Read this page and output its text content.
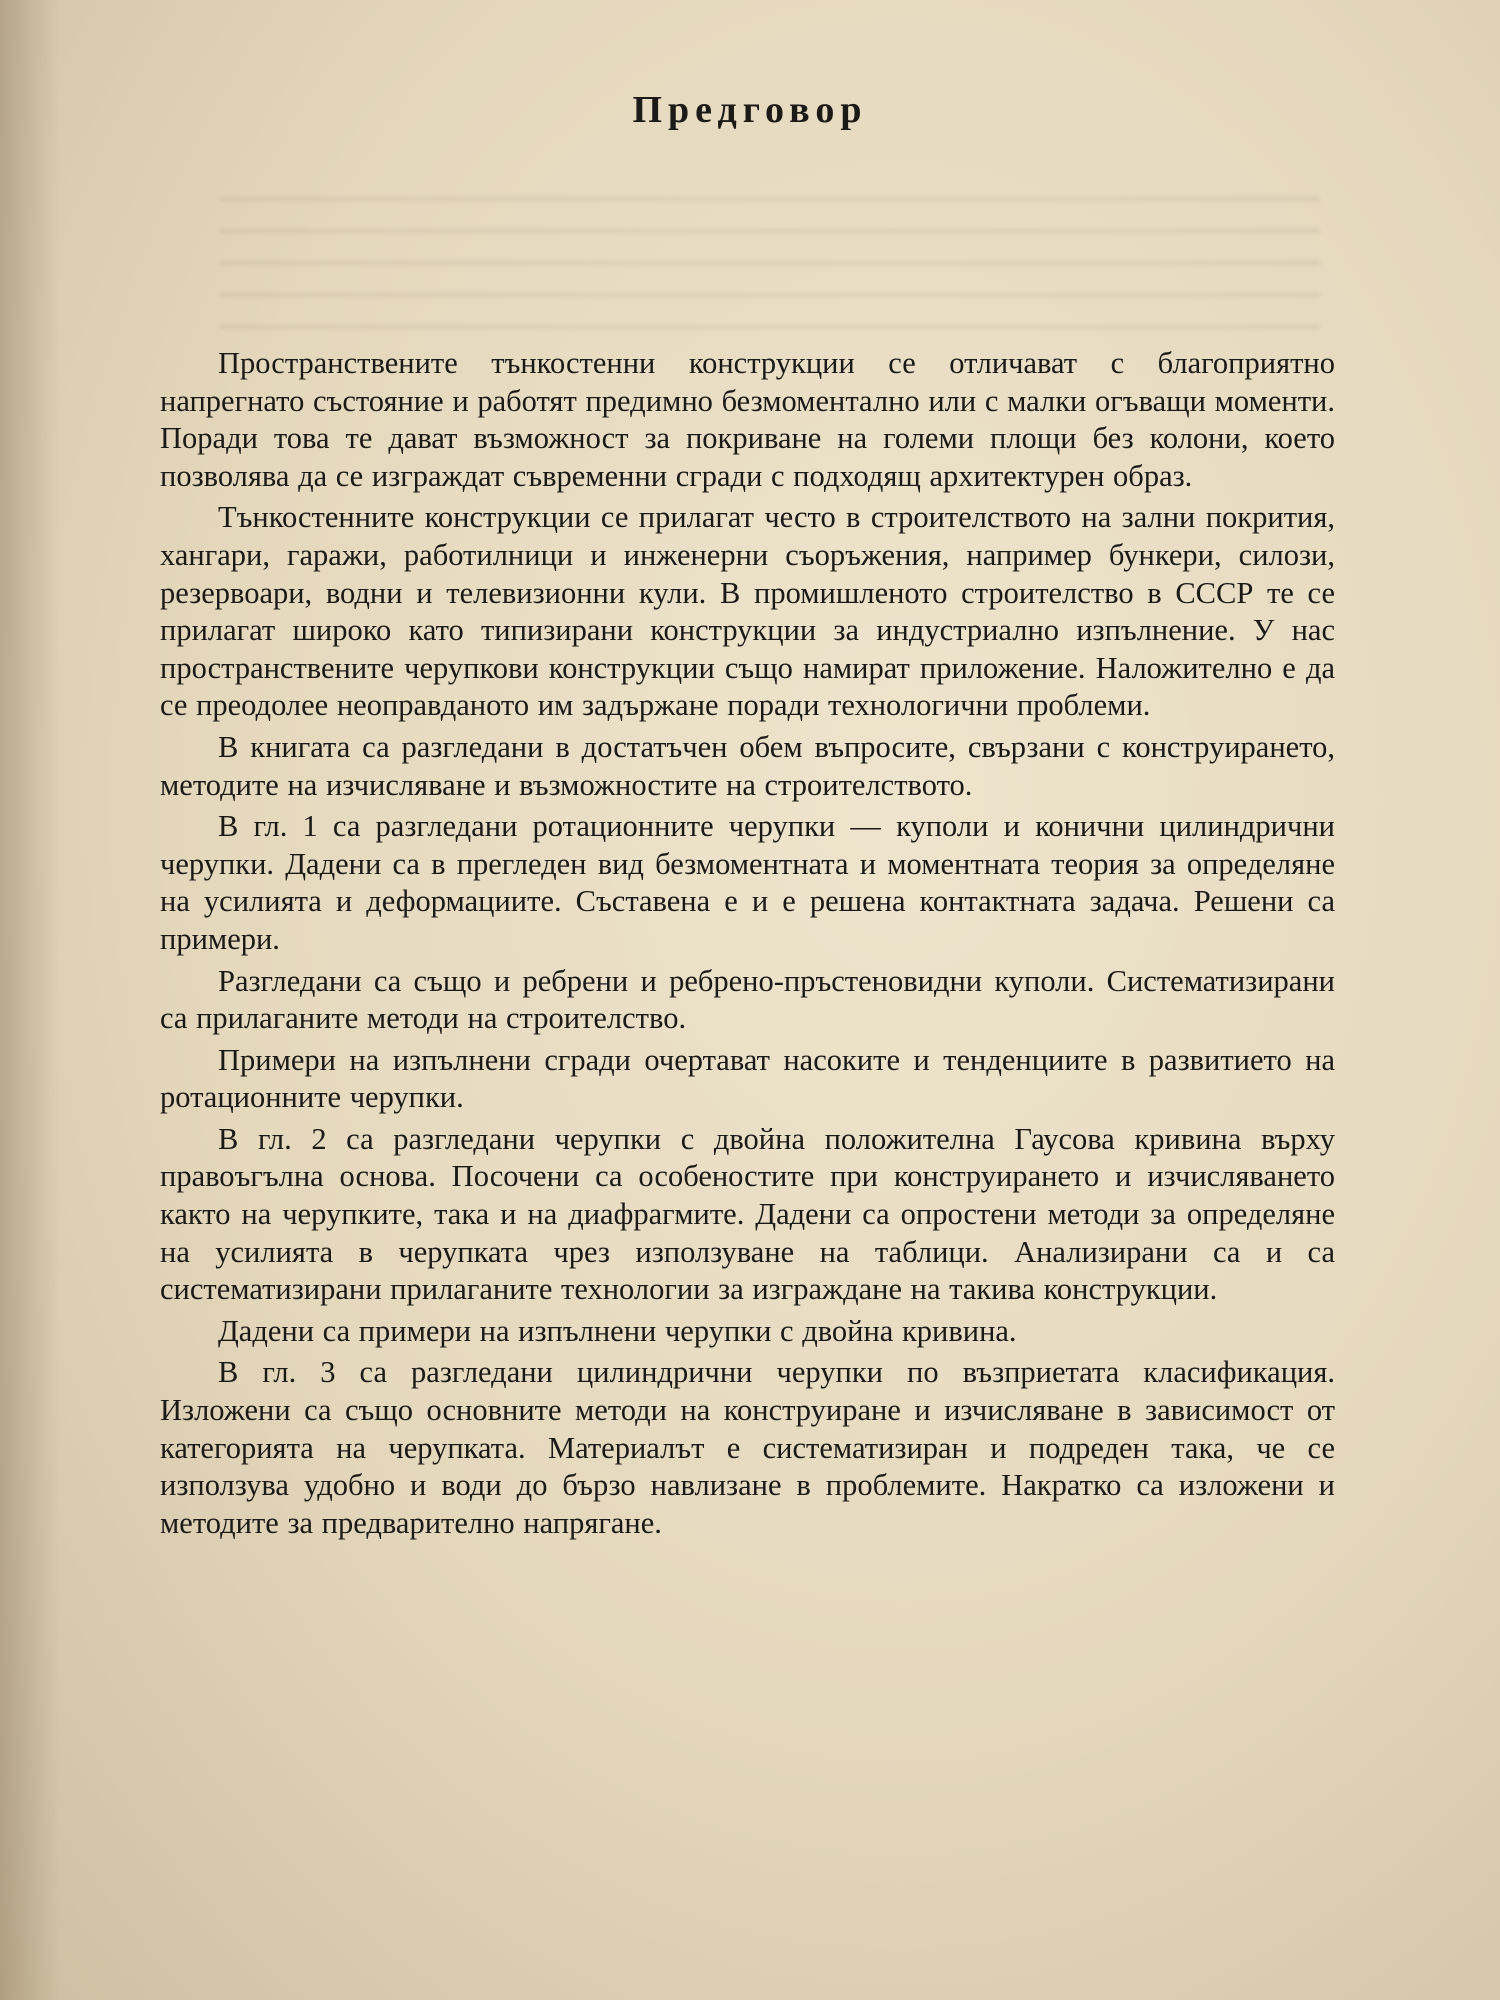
Предговор

Пространствените тънкостенни конструкции се отличават с благоприятно напрегнато състояние и работят предимно безмоментално или с малки огъващи моменти. Поради това те дават възможност за покриване на големи площи без колони, което позволява да се изграждат съвременни сгради с подходящ архитектурен образ.

Тънкостенните конструкции се прилагат често в строителството на зални покрития, хангари, гаражи, работилници и инженерни съоръжения, например бункери, силози, резервоари, водни и телевизионни кули. В промишленото строителство в СССР те се прилагат широко като типизирани конструкции за индустриално изпълнение. У нас пространствените черупкови конструкции също намират приложение. Наложително е да се преодолее неоправданото им задържане поради технологични проблеми.

В книгата са разгледани в достатъчен обем въпросите, свързани с конструирането, методите на изчисляване и възможностите на строителството.

В гл. 1 са разгледани ротационните черупки — куполи и конични цилиндрични черупки. Дадени са в прегледен вид безмоментната и моментната теория за определяне на усилията и деформациите. Съставена е и е решена контактната задача. Решени са примери.

Разгледани са също и ребрени и ребрено-пръстеновидни куполи. Систематизирани са прилаганите методи на строителство.

Примери на изпълнени сгради очертават насоките и тенденциите в развитието на ротационните черупки.

В гл. 2 са разгледани черупки с двойна положителна Гаусова кривина върху правоъгълна основа. Посочени са особеностите при конструирането и изчисляването както на черупките, така и на диафрагмите. Дадени са опростени методи за определяне на усилията в черупката чрез използуване на таблици. Анализирани са и са систематизирани прилаганите технологии за изграждане на такива конструкции.

Дадени са примери на изпълнени черупки с двойна кривина.

В гл. 3 са разгледани цилиндрични черупки по възприетата класификация. Изложени са също основните методи на конструиране и изчисляване в зависимост от категорията на черупката. Материалът е систематизиран и подреден така, че се използува удобно и води до бързо навлизане в проблемите. Накратко са изложени и методите за предварително напрягане.
